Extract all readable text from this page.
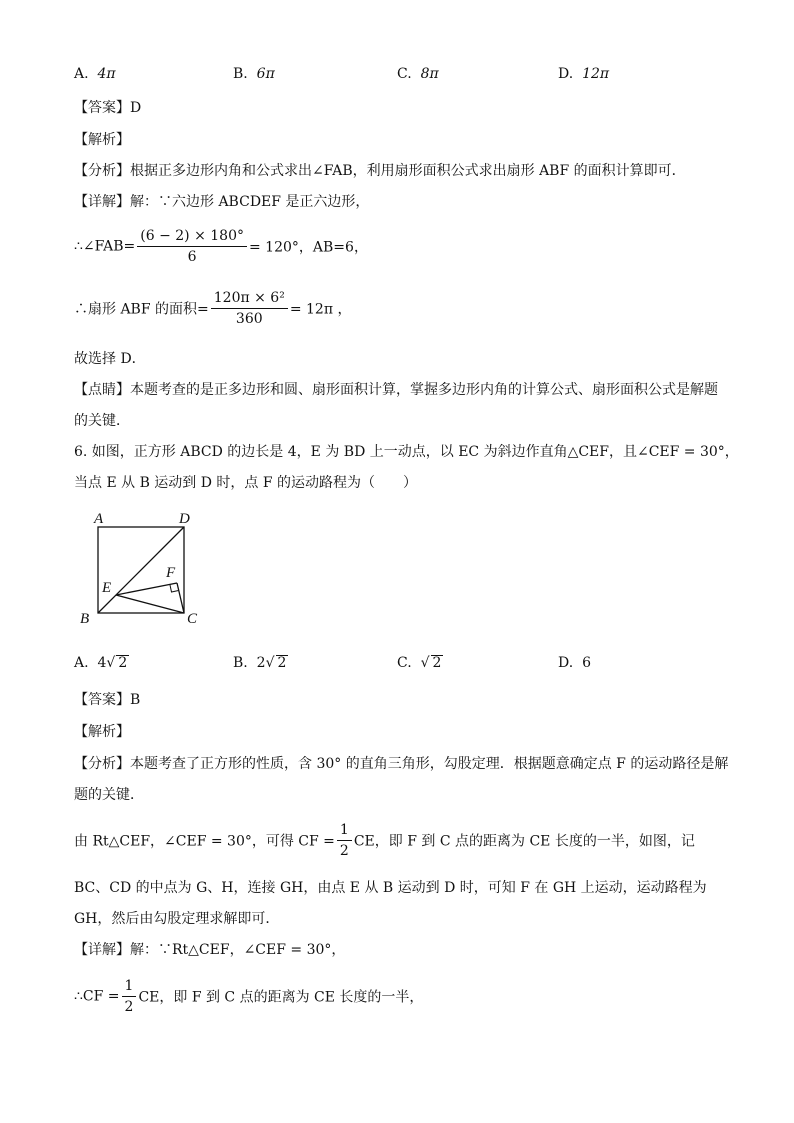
A. 4π	B. 6π	C. 8π	D. 12π
【答案】D
【解析】
【分析】根据正多边形内角和公式求出∠FAB，利用扇形面积公式求出扇形 ABF 的面积计算即可．
【详解】解：∵六边形 ABCDEF 是正六边形，
∴∠FAB= $\frac{(6 - 2) \times 180^\circ}{6} = 120^\circ$，AB=6，
∴扇形 ABF 的面积= $\frac{\text{120π × 6²}}{360} = 12\pi$ ，
故选择 D．
【点睛】本题考查的是正多边形和圆、扇形面积计算，掌握多边形内角的计算公式、扇形面积公式是解题
的关键．
6. 如图，正方形 ABCD 的边长是 4，E 为 BD 上一动点，以 EC 为斜边作直角△CEF，且∠CEF = 30°，
当点 E 从 B 运动到 D 时，点 F 的运动路程为（　　）
A	D
B	C
E
F
A. 4√ 2	B. 2√ 2	C. √ 2	D. 6
【答案】B
【解析】
【分析】本题考查了正方形的性质，含 30° 的直角三角形，勾股定理．根据题意确定点 F 的运动路径是解
题的关键．
由 Rt△CEF，∠CEF = 30°，可得 CF = $\frac{1}{2}$ CE，即 F 到 C 点的距离为 CE 长度的一半，如图，记
BC、CD 的中点为 G、H，连接 GH，由点 E 从 B 运动到 D 时，可知 F 在 GH 上运动，运动路程为
GH，然后由勾股定理求解即可．
【详解】解：∵Rt△CEF，∠CEF = 30°，
∴CF = $\frac{1}{2}$ CE，即 F 到 C 点的距离为 CE 长度的一半，
